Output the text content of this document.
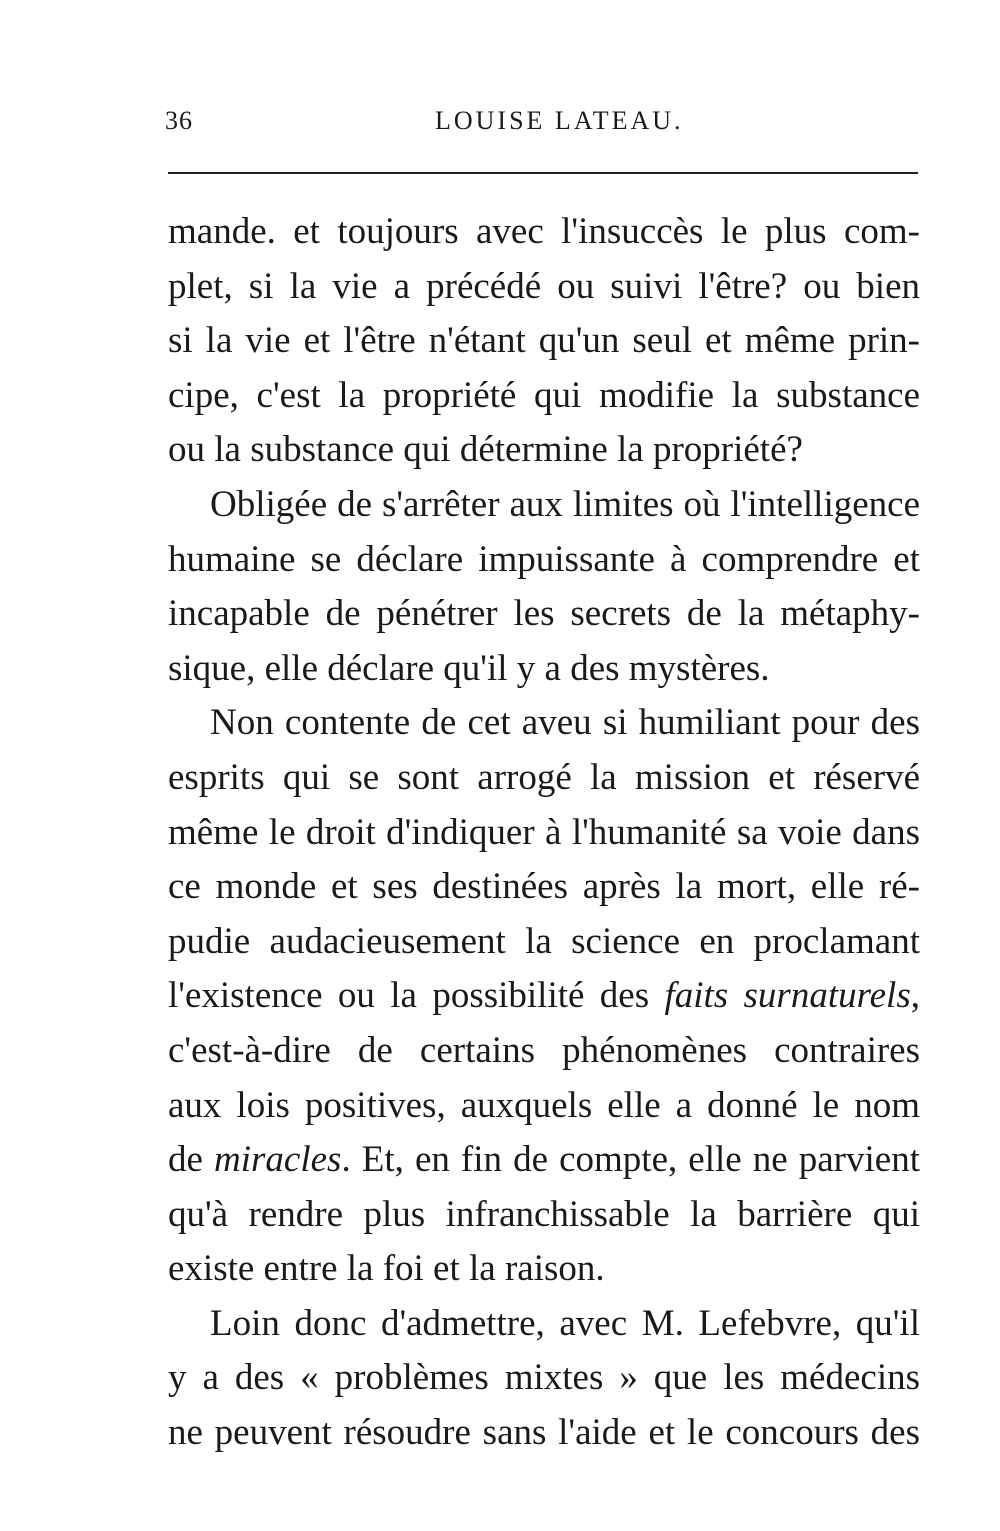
36	LOUISE LATEAU.
mande. et toujours avec l'insuccès le plus com-
plet, si la vie a précédé ou suivi l'être? ou bien
si la vie et l'être n'étant qu'un seul et même prin-
cipe, c'est la propriété qui modifie la substance
ou la substance qui détermine la propriété?
Obligée de s'arrêter aux limites où l'intelligence
humaine se déclare impuissante à comprendre et
incapable de pénétrer les secrets de la métaphy-
sique, elle déclare qu'il y a des mystères.
Non contente de cet aveu si humiliant pour des
esprits qui se sont arrogé la mission et réservé
même le droit d'indiquer à l'humanité sa voie dans
ce monde et ses destinées après la mort, elle ré-
pudie audacieusement la science en proclamant
l'existence ou la possibilité des faits surnaturels,
c'est-à-dire de certains phénomènes contraires
aux lois positives, auxquels elle a donné le nom
de miracles. Et, en fin de compte, elle ne parvient
qu'à rendre plus infranchissable la barrière qui
existe entre la foi et la raison.
Loin donc d'admettre, avec M. Lefebvre, qu'il
y a des « problèmes mixtes » que les médecins
ne peuvent résoudre sans l'aide et le concours des
